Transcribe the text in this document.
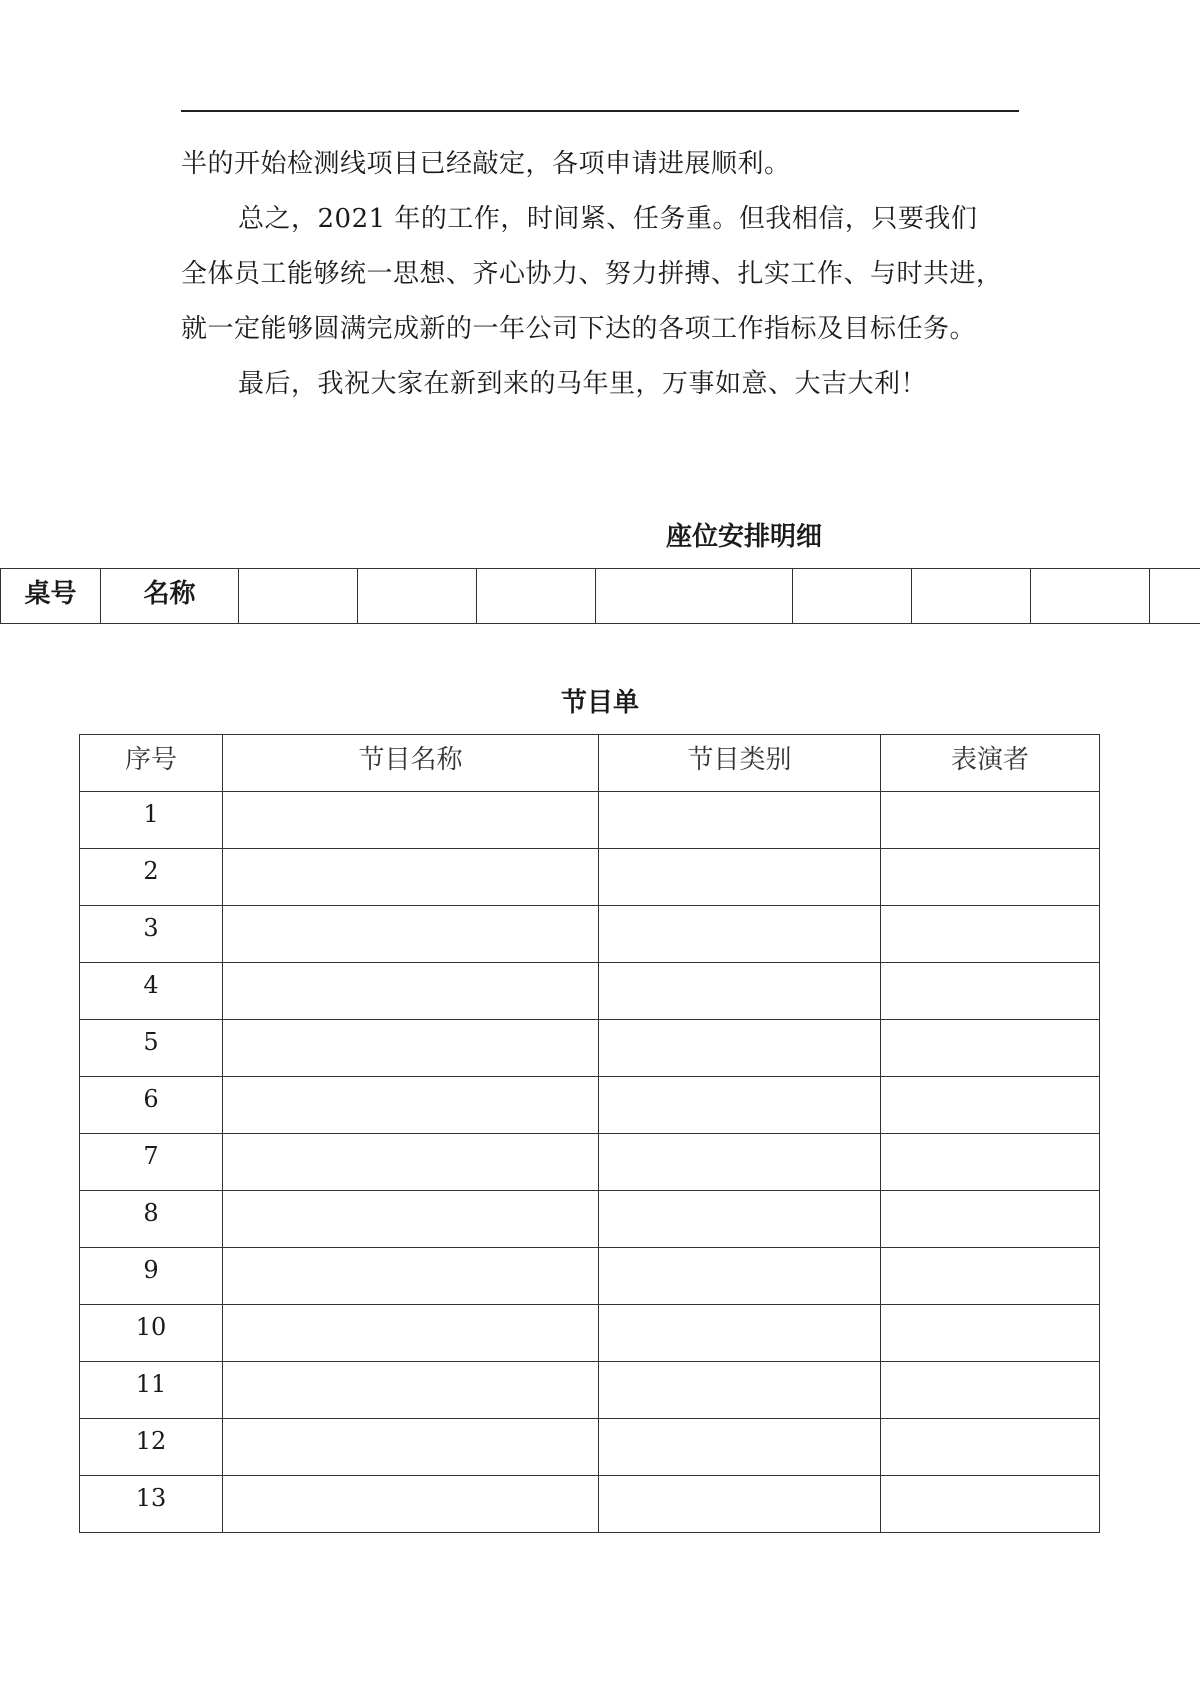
半的开始检测线项目已经敲定，各项申请进展顺利。
总之，2021 年的工作，时间紧、任务重。但我相信，只要我们
全体员工能够统一思想、齐心协力、努力拼搏、扎实工作、与时共进，
就一定能够圆满完成新的一年公司下达的各项工作指标及目标任务。
最后，我祝大家在新到来的马年里，万事如意、大吉大利！
座位安排明细
桌号	名称								
节目单
序号	节目名称	节目类别	表演者
1			
2			
3			
4			
5			
6			
7			
8			
9			
10			
11			
12			
13			
